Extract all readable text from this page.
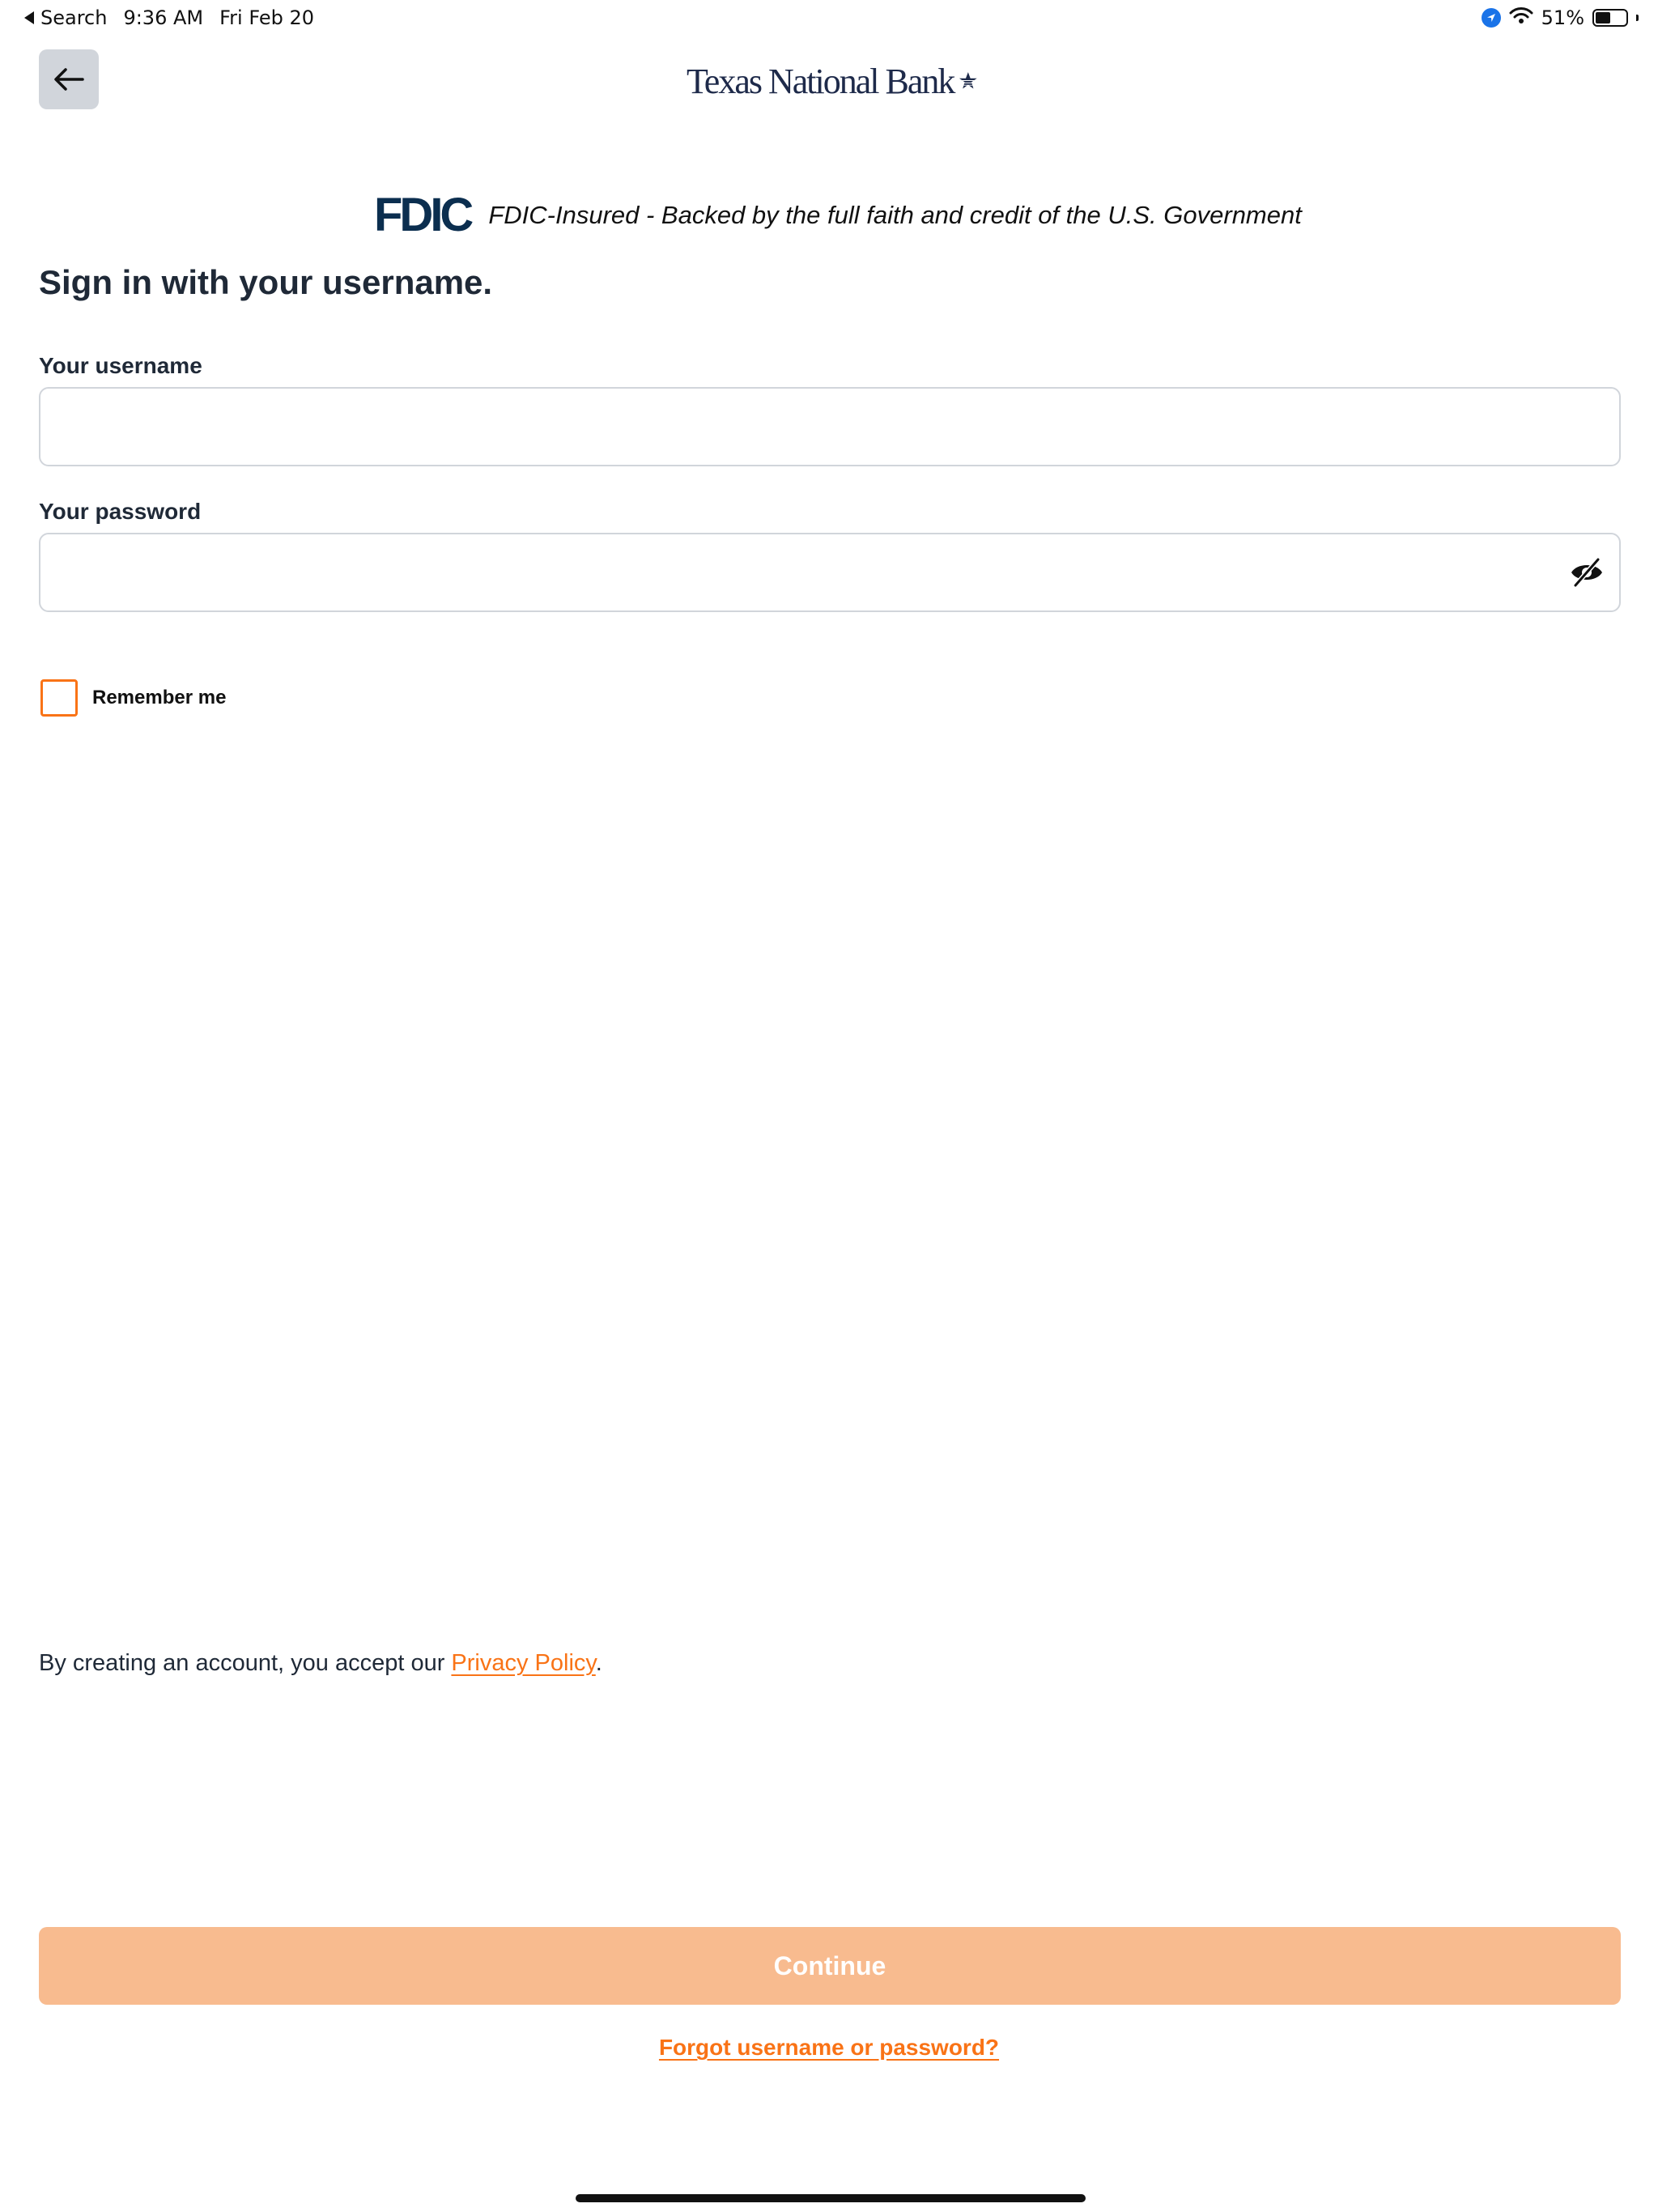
Search 9:36 AM Fri Feb 20	51%
Texas National Bank
FDIC FDIC-Insured - Backed by the full faith and credit of the U.S. Government
Sign in with your username.
Your username
Your password
Remember me
By creating an account, you accept our Privacy Policy.
Continue
Forgot username or password?
